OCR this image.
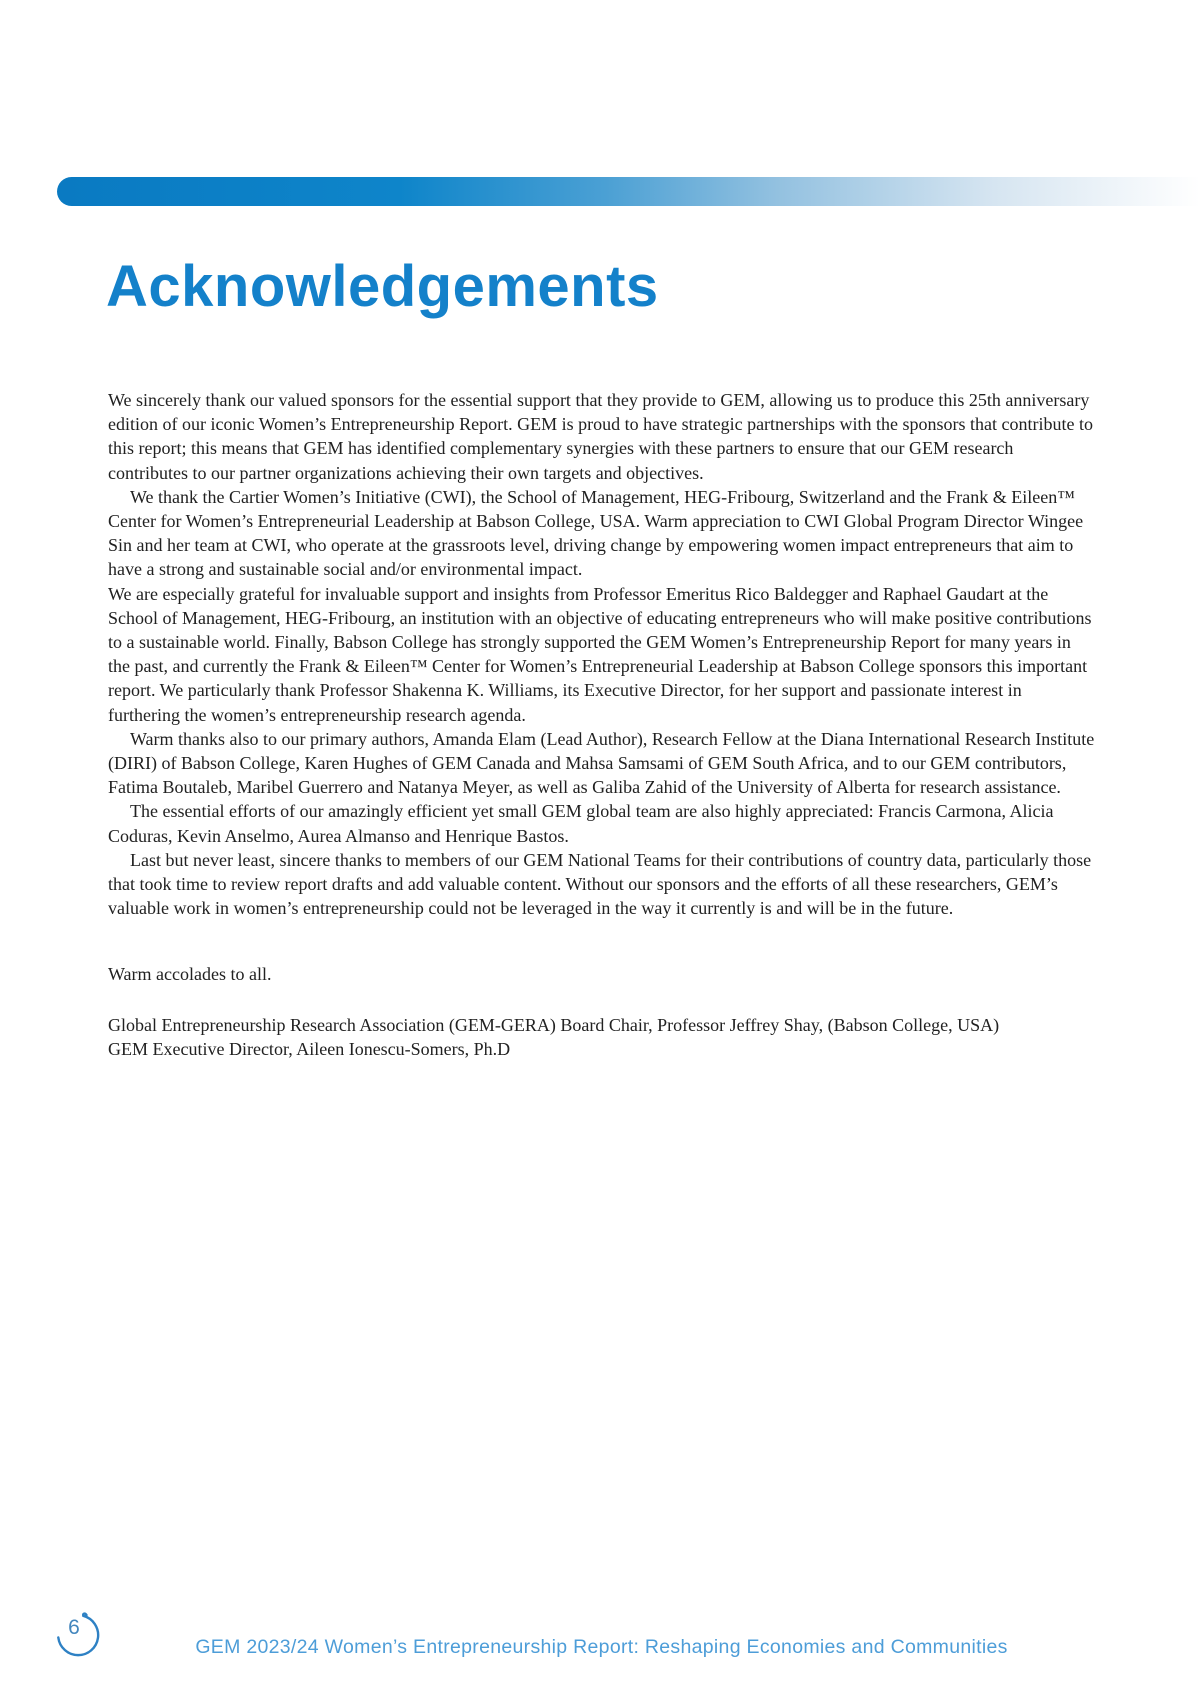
Acknowledgements

We sincerely thank our valued sponsors for the essential support that they provide to GEM, allowing us to produce this 25th anniversary edition of our iconic Women’s Entrepreneurship Report. GEM is proud to have strategic partnerships with the sponsors that contribute to this report; this means that GEM has identified complementary synergies with these partners to ensure that our GEM research contributes to our partner organizations achieving their own targets and objectives.

We thank the Cartier Women’s Initiative (CWI), the School of Management, HEG-Fribourg, Switzerland and the Frank & Eileen™ Center for Women’s Entrepreneurial Leadership at Babson College, USA. Warm appreciation to CWI Global Program Director Wingee Sin and her team at CWI, who operate at the grassroots level, driving change by empowering women impact entrepreneurs that aim to have a strong and sustainable social and/or environmental impact.

We are especially grateful for invaluable support and insights from Professor Emeritus Rico Baldegger and Raphael Gaudart at the School of Management, HEG-Fribourg, an institution with an objective of educating entrepreneurs who will make positive contributions to a sustainable world. Finally, Babson College has strongly supported the GEM Women’s Entrepreneurship Report for many years in the past, and currently the Frank & Eileen™ Center for Women’s Entrepreneurial Leadership at Babson College sponsors this important report. We particularly thank Professor Shakenna K. Williams, its Executive Director, for her support and passionate interest in furthering the women’s entrepreneurship research agenda.

Warm thanks also to our primary authors, Amanda Elam (Lead Author), Research Fellow at the Diana International Research Institute (DIRI) of Babson College, Karen Hughes of GEM Canada and Mahsa Samsami of GEM South Africa, and to our GEM contributors, Fatima Boutaleb, Maribel Guerrero and Natanya Meyer, as well as Galiba Zahid of the University of Alberta for research assistance.

The essential efforts of our amazingly efficient yet small GEM global team are also highly appreciated: Francis Carmona, Alicia Coduras, Kevin Anselmo, Aurea Almanso and Henrique Bastos.

Last but never least, sincere thanks to members of our GEM National Teams for their contributions of country data, particularly those that took time to review report drafts and add valuable content. Without our sponsors and the efforts of all these researchers, GEM’s valuable work in women’s entrepreneurship could not be leveraged in the way it currently is and will be in the future.

Warm accolades to all.

Global Entrepreneurship Research Association (GEM-GERA) Board Chair, Professor Jeffrey Shay, (Babson College, USA)

GEM Executive Director, Aileen Ionescu-Somers, Ph.D

6
GEM 2023/24 Women’s Entrepreneurship Report: Reshaping Economies and Communities
